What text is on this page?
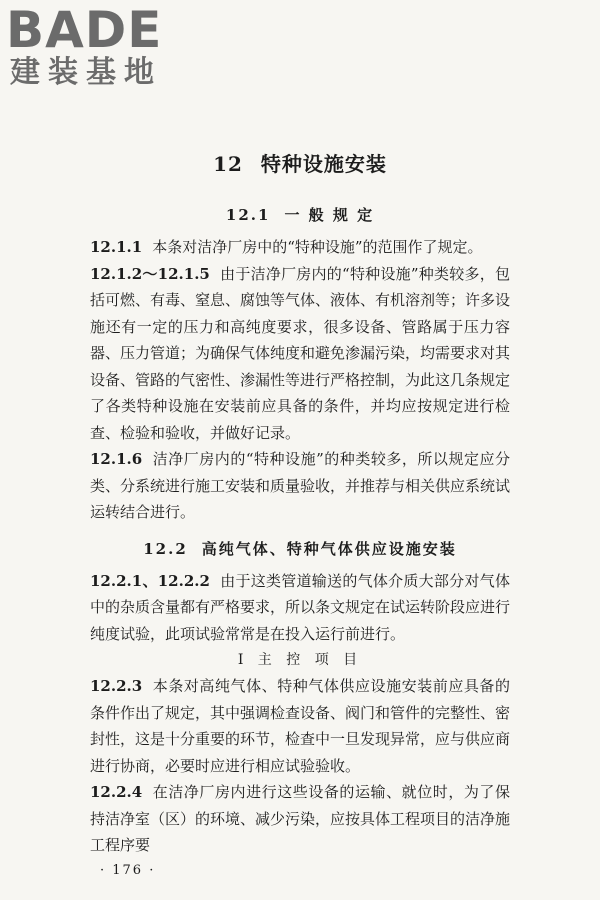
BADE
建装基地
12 特种设施安装
12.1 一 般 规 定

12.1.1 本条对洁净厂房中的“特种设施”的范围作了规定。

12.1.2～12.1.5 由于洁净厂房内的“特种设施”种类较多，包括可燃、有毒、窒息、腐蚀等气体、液体、有机溶剂等；许多设施还有一定的压力和高纯度要求，很多设备、管路属于压力容器、压力管道；为确保气体纯度和避免渗漏污染，均需要求对其设备、管路的气密性、渗漏性等进行严格控制，为此这几条规定了各类特种设施在安装前应具备的条件，并均应按规定进行检查、检验和验收，并做好记录。

12.1.6 洁净厂房内的“特种设施”的种类较多，所以规定应分类、分系统进行施工安装和质量验收，并推荐与相关供应系统试运转结合进行。

12.2 高纯气体、特种气体供应设施安装

12.2.1、12.2.2 由于这类管道输送的气体介质大部分对气体中的杂质含量都有严格要求，所以条文规定在试运转阶段应进行纯度试验，此项试验常常是在投入运行前进行。

Ⅰ 主 控 项 目

12.2.3 本条对高纯气体、特种气体供应设施安装前应具备的条件作出了规定，其中强调检查设备、阀门和管件的完整性、密封性，这是十分重要的环节，检查中一旦发现异常，应与供应商进行协商，必要时应进行相应试验验收。

12.2.4 在洁净厂房内进行这些设备的运输、就位时，为了保持洁净室（区）的环境、减少污染，应按具体工程项目的洁净施工程序要

· 176 ·
